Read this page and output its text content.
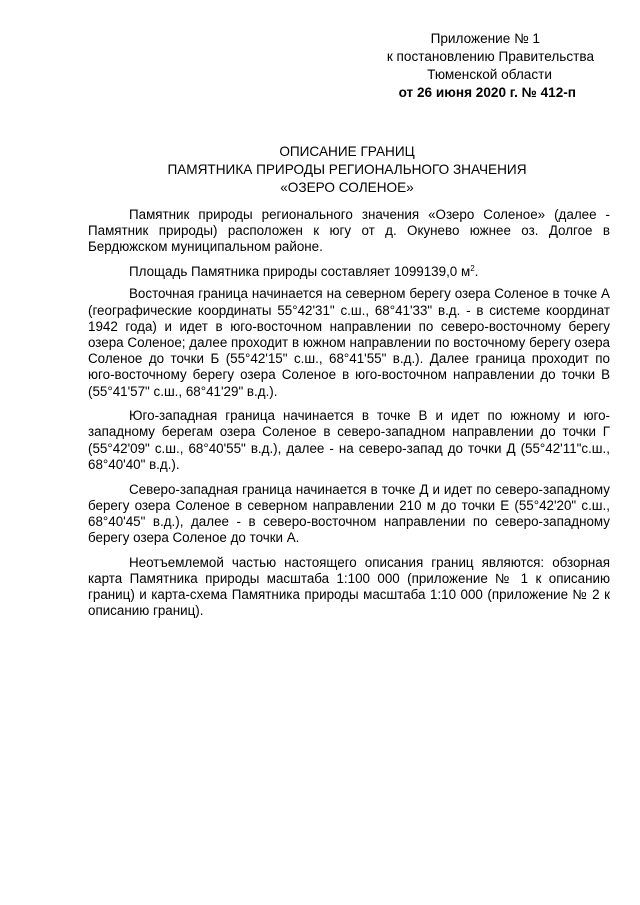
Приложение № 1
к постановлению Правительства
Тюменской области
от 26 июня 2020 г. № 412-п
ОПИСАНИЕ ГРАНИЦ
ПАМЯТНИКА ПРИРОДЫ РЕГИОНАЛЬНОГО ЗНАЧЕНИЯ
«ОЗЕРО СОЛЕНОЕ»

Памятник природы регионального значения «Озеро Соленое» (далее - Памятник природы) расположен к югу от д. Окунево южнее оз. Долгое в Бердюжском муниципальном районе.

Площадь Памятника природы составляет 1099139,0 $м^2$.

Восточная граница начинается на северном берегу озера Соленое в точке А (географические координаты 55°42'31" с.ш., 68°41'33" в.д. - в системе координат 1942 года) и идет в юго-восточном направлении по северо-восточному берегу озера Соленое; далее проходит в южном направлении по восточному берегу озера Соленое до точки Б (55°42'15" с.ш., 68°41'55" в.д.). Далее граница проходит по юго-восточному берегу озера Соленое в юго-восточном направлении до точки В (55°41'57" с.ш., 68°41'29" в.д.).

Юго-западная граница начинается в точке В и идет по южному и юго-западному берегам озера Соленое в северо-западном направлении до точки Г (55°42'09" с.ш., 68°40'55" в.д.), далее - на северо-запад до точки Д (55°42'11"с.ш., 68°40'40" в.д.).

Северо-западная граница начинается в точке Д и идет по северо-западному берегу озера Соленое в северном направлении 210 м до точки Е (55°42'20" с.ш., 68°40'45" в.д.), далее - в северо-восточном направлении по северо-западному берегу озера Соленое до точки А.

Неотъемлемой частью настоящего описания границ являются: обзорная карта Памятника природы масштаба 1:100 000 (приложение № 1 к описанию границ) и карта-схема Памятника природы масштаба 1:10 000 (приложение № 2 к описанию границ).
